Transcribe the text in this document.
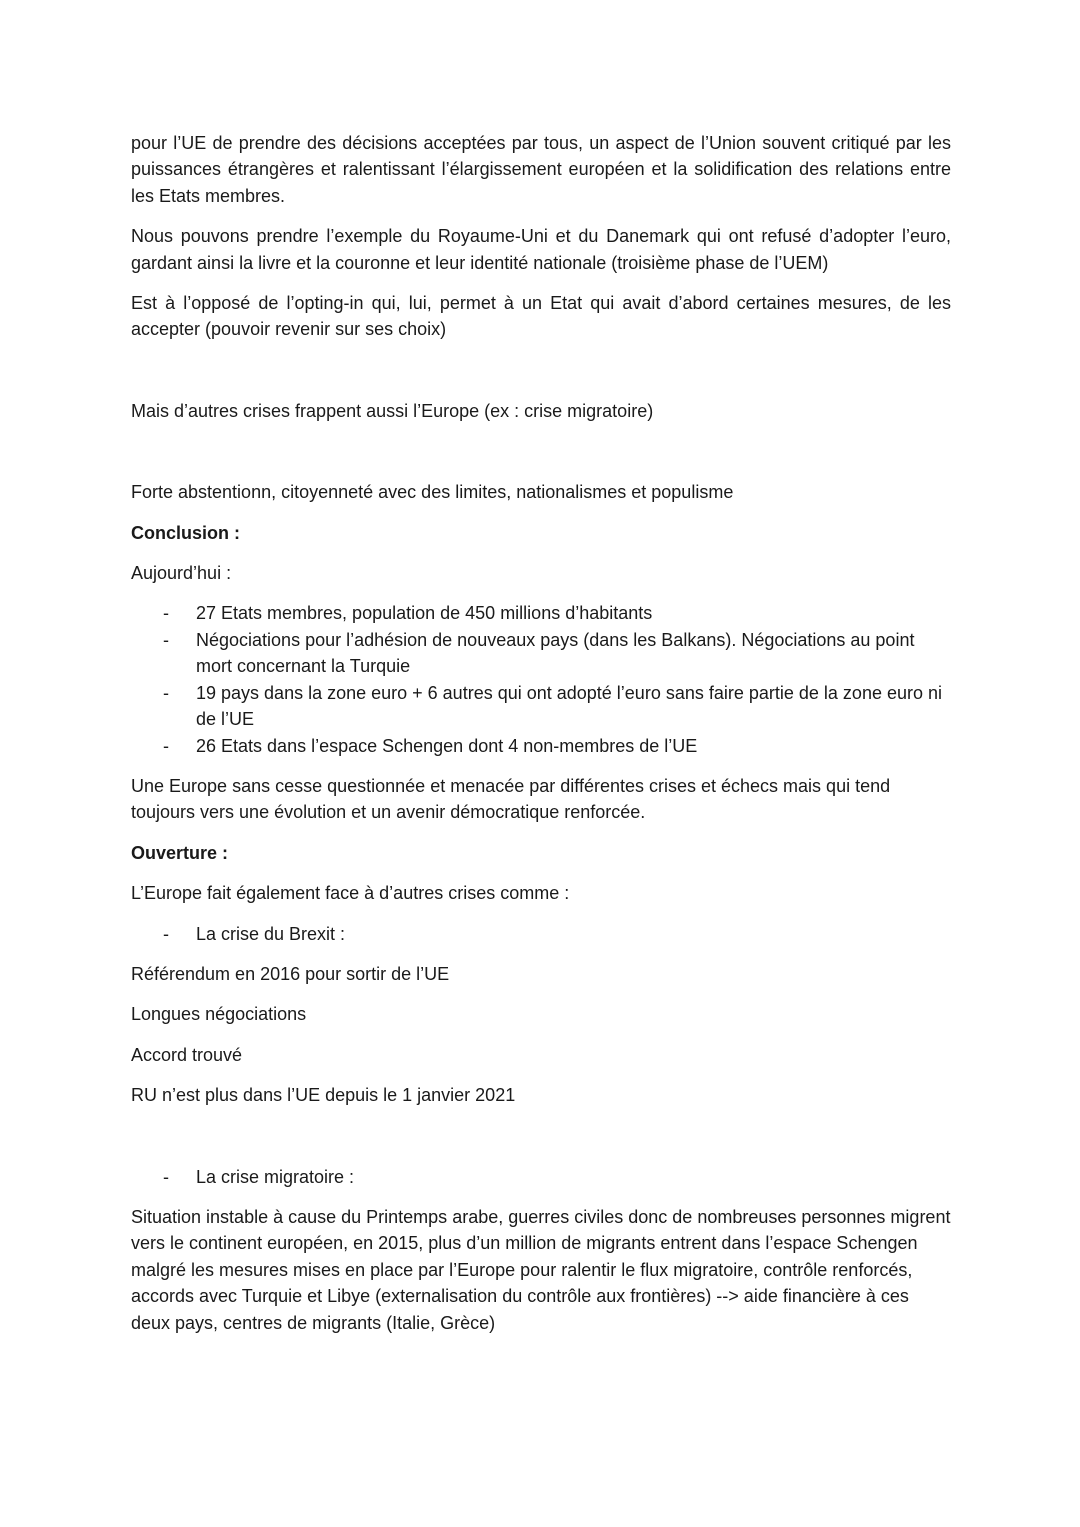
pour l’UE de prendre des décisions acceptées par tous, un aspect de l’Union souvent critiqué par les puissances étrangères et ralentissant l’élargissement européen et la solidification des relations entre les Etats membres.

Nous pouvons prendre l’exemple du Royaume-Uni et du Danemark qui ont refusé d’adopter l’euro, gardant ainsi la livre et la couronne et leur identité nationale (troisième phase de l’UEM)

Est à l’opposé de l’opting-in qui, lui, permet à un Etat qui avait d’abord certaines mesures, de les accepter (pouvoir revenir sur ses choix)

Mais d’autres crises frappent aussi l’Europe (ex : crise migratoire)

Forte abstentionn, citoyenneté avec des limites, nationalismes et populisme

Conclusion :

Aujourd’hui :

- 27 Etats membres, population de 450 millions d’habitants
- Négociations pour l’adhésion de nouveaux pays (dans les Balkans). Négociations au point mort concernant la Turquie
- 19 pays dans la zone euro + 6 autres qui ont adopté l’euro sans faire partie de la zone euro ni de l’UE
- 26 Etats dans l’espace Schengen dont 4 non-membres de l’UE

Une Europe sans cesse questionnée et menacée par différentes crises et échecs mais qui tend toujours vers une évolution et un avenir démocratique renforcée.

Ouverture :

L’Europe fait également face à d’autres crises comme :

- La crise du Brexit :

Référendum en 2016 pour sortir de l’UE

Longues négociations

Accord trouvé

RU n’est plus dans l’UE depuis le 1 janvier 2021

- La crise migratoire :

Situation instable à cause du Printemps arabe, guerres civiles donc de nombreuses personnes migrent vers le continent européen, en 2015, plus d’un million de migrants entrent dans l’espace Schengen malgré les mesures mises en place par l’Europe pour ralentir le flux migratoire, contrôle renforcés, accords avec Turquie et Libye (externalisation du contrôle aux frontières) --> aide financière à ces deux pays, centres de migrants (Italie, Grèce)
